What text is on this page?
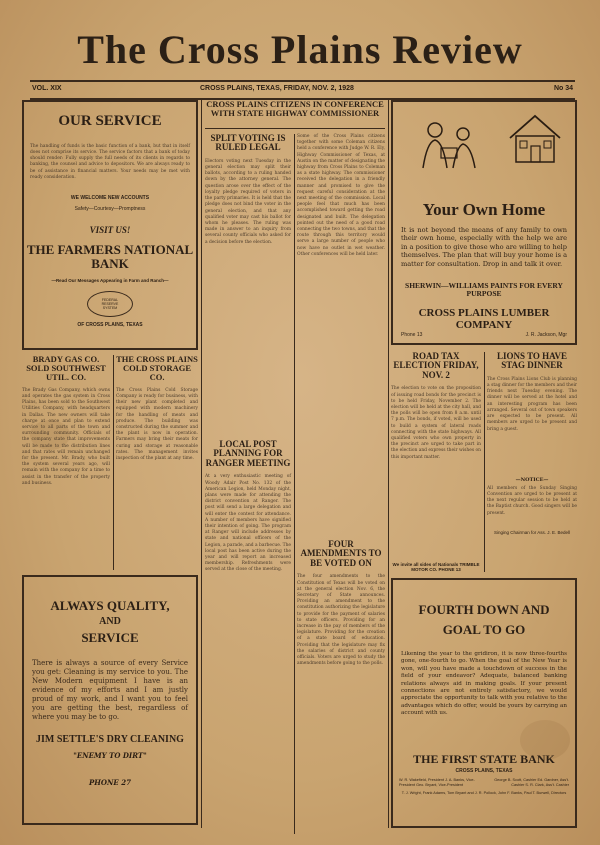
The Cross Plains Review
VOL. XIX	CROSS PLAINS, TEXAS, FRIDAY, NOV. 2, 1928	No 34
OUR SERVICE
The handling of funds is the basic function of a bank, but that in itself does not comprise its service. The service factors that a bank of today should render: Fully supply the full needs of its clients in regards to banking, the counsel and advice to depositors. We are always ready to be of assistance in financial matters. Your needs may be met with ready consideration.
WE WELCOME NEW ACCOUNTS
Safety—Courtesy—Promptness
VISIT US!
THE FARMERS NATIONAL BANK
—Read Our Messages Appearing in Farm and Ranch—
FEDERAL RESERVE SYSTEM
OF CROSS PLAINS, TEXAS
BRADY GAS CO. SOLD SOUTHWEST UTIL. CO.
The Brady Gas Company, which owns and operates the gas system in Cross Plains, has been sold to the Southwest Utilities Company, with headquarters in Dallas. The new owners will take charge at once and plan to extend service to all parts of the town and surrounding community. Officials of the company state that improvements will be made to the distribution lines and that rates will remain unchanged for the present. Mr. Brady, who built the system several years ago, will remain with the company for a time to assist in the transfer of the property and business.
THE CROSS PLAINS COLD STORAGE CO.
The Cross Plains Cold Storage Company is ready for business, with their new plant completed and equipped with modern machinery for the handling of meats and produce. The building was constructed during the summer and the plant is now in operation. Farmers may bring their meats for curing and storage at reasonable rates. The management invites inspection of the plant at any time.
ALWAYS QUALITY,
AND
SERVICE
There is always a source of every Service you get: Cleaning is my service to you. The New Modern equipment I have is an evidence of my efforts and I am justly proud of my work, and I want you to feel you are getting the best, regardless of where you may be to go.
JIM SETTLE'S DRY CLEANING
"ENEMY TO DIRT"
PHONE 27
CROSS PLAINS CITIZENS IN CONFERENCE WITH STATE HIGHWAY COMMISSIONER
SPLIT VOTING IS RULED LEGAL
Electors voting next Tuesday in the general election may split their ballots, according to a ruling handed down by the attorney general. The question arose over the effect of the loyalty pledge required of voters in the party primaries. It is held that the pledge does not bind the voter in the general election, and that any qualified voter may cast his ballot for whom he pleases. The ruling was made in answer to an inquiry from several county officials who asked for a decision before the election.
Some of the Cross Plains citizens together with some Coleman citizens held a conference with Judge W. R. Ely, Highway Commissioner of Texas, at Austin on the matter of designating the highway from Cross Plains to Coleman as a state highway. The commissioner received the delegation in a friendly manner and promised to give the request careful consideration at the next meeting of the commission. Local people feel that much has been accomplished toward getting the road designated and built. The delegation pointed out the need of a good road connecting the two towns, and that the route through this territory would serve a large number of people who now have no outlet in wet weather. Other conferences will be held later.
LOCAL POST PLANNING FOR RANGER MEETING
At a very enthusiastic meeting of Woody Adair Post No. 132 of the American Legion, held Monday night, plans were made for attending the district convention at Ranger. The post will send a large delegation and will enter the contest for attendance. A number of members have signified their intention of going. The program at Ranger will include addresses by state and national officers of the Legion, a parade, and a barbecue. The local post has been active during the year and will report an increased membership. Refreshments were served at the close of the meeting.
FOUR AMENDMENTS TO BE VOTED ON
The four amendments to the Constitution of Texas will be voted on at the general election Nov. 6, the Secretary of State announces. Providing an amendment to the constitution authorizing the legislature to provide for the payment of salaries to state officers. Providing for an increase in the pay of members of the legislature. Providing for the creation of a state board of education. Providing that the legislature may fix the salaries of district and county officials. Voters are urged to study the amendments before going to the polls.
Your Own Home
It is not beyond the means of any family to own their own home, especially with the help we are in a position to give those who are willing to help themselves. The plan that will buy your home is a matter for consultation. Drop in and talk it over.
SHERWIN—WILLIAMS PAINTS FOR EVERY PURPOSE
CROSS PLAINS LUMBER COMPANY
Phone 13	J. R. Jackson, Mgr
ROAD TAX ELECTION FRIDAY, NOV. 2
The election to vote on the proposition of issuing road bonds for the precinct is to be held Friday, November 2. The election will be held at the city hall, and the polls will be open from 8 a.m. until 7 p.m. The bonds, if voted, will be used to build a system of lateral roads connecting with the state highways. All qualified voters who own property in the precinct are urged to take part in the election and express their wishes on this important matter.
We invite all sides of Nationals TRIMBLE MOTOR CO. PHONE 13
LIONS TO HAVE STAG DINNER
The Cross Plains Lions Club is planning a stag dinner for the members and their friends next Tuesday evening. The dinner will be served at the hotel and an interesting program has been arranged. Several out of town speakers are expected to be present. All members are urged to be present and bring a guest.
—NOTICE—
All members of the Sunday Singing Convention are urged to be present at the next regular session to be held at the Baptist church. Good singers will be present.
Singing Chairman for Ass. J. E. Bedell
FOURTH DOWN AND GOAL TO GO
Likening the year to the gridiron, it is now three-fourths gone, one-fourth to go. When the goal of the New Year is won, will you have made a touchdown of success in the field of your endeavor? Adequate, balanced banking relations always aid in making goals. If your present connections are not entirely satisfactory, we would appreciate the opportunity to talk with you relative to the advantages which do offer, would be yours by carrying an account with us.
THE FIRST STATE BANK
CROSS PLAINS, TEXAS
W. R. Wakefield, President J. A. Banks, Vice-President Geo. Bryant, Vice-President
George B. Scott, Cashier Ed. Gardner, Ass't. Cashier S. R. Clark, Ass't. Cashier
T. J. Wright, Frank Adams, Tom Bryant and J. R. Pollock, John F. Banks, Paul T. Burwell, Directors
